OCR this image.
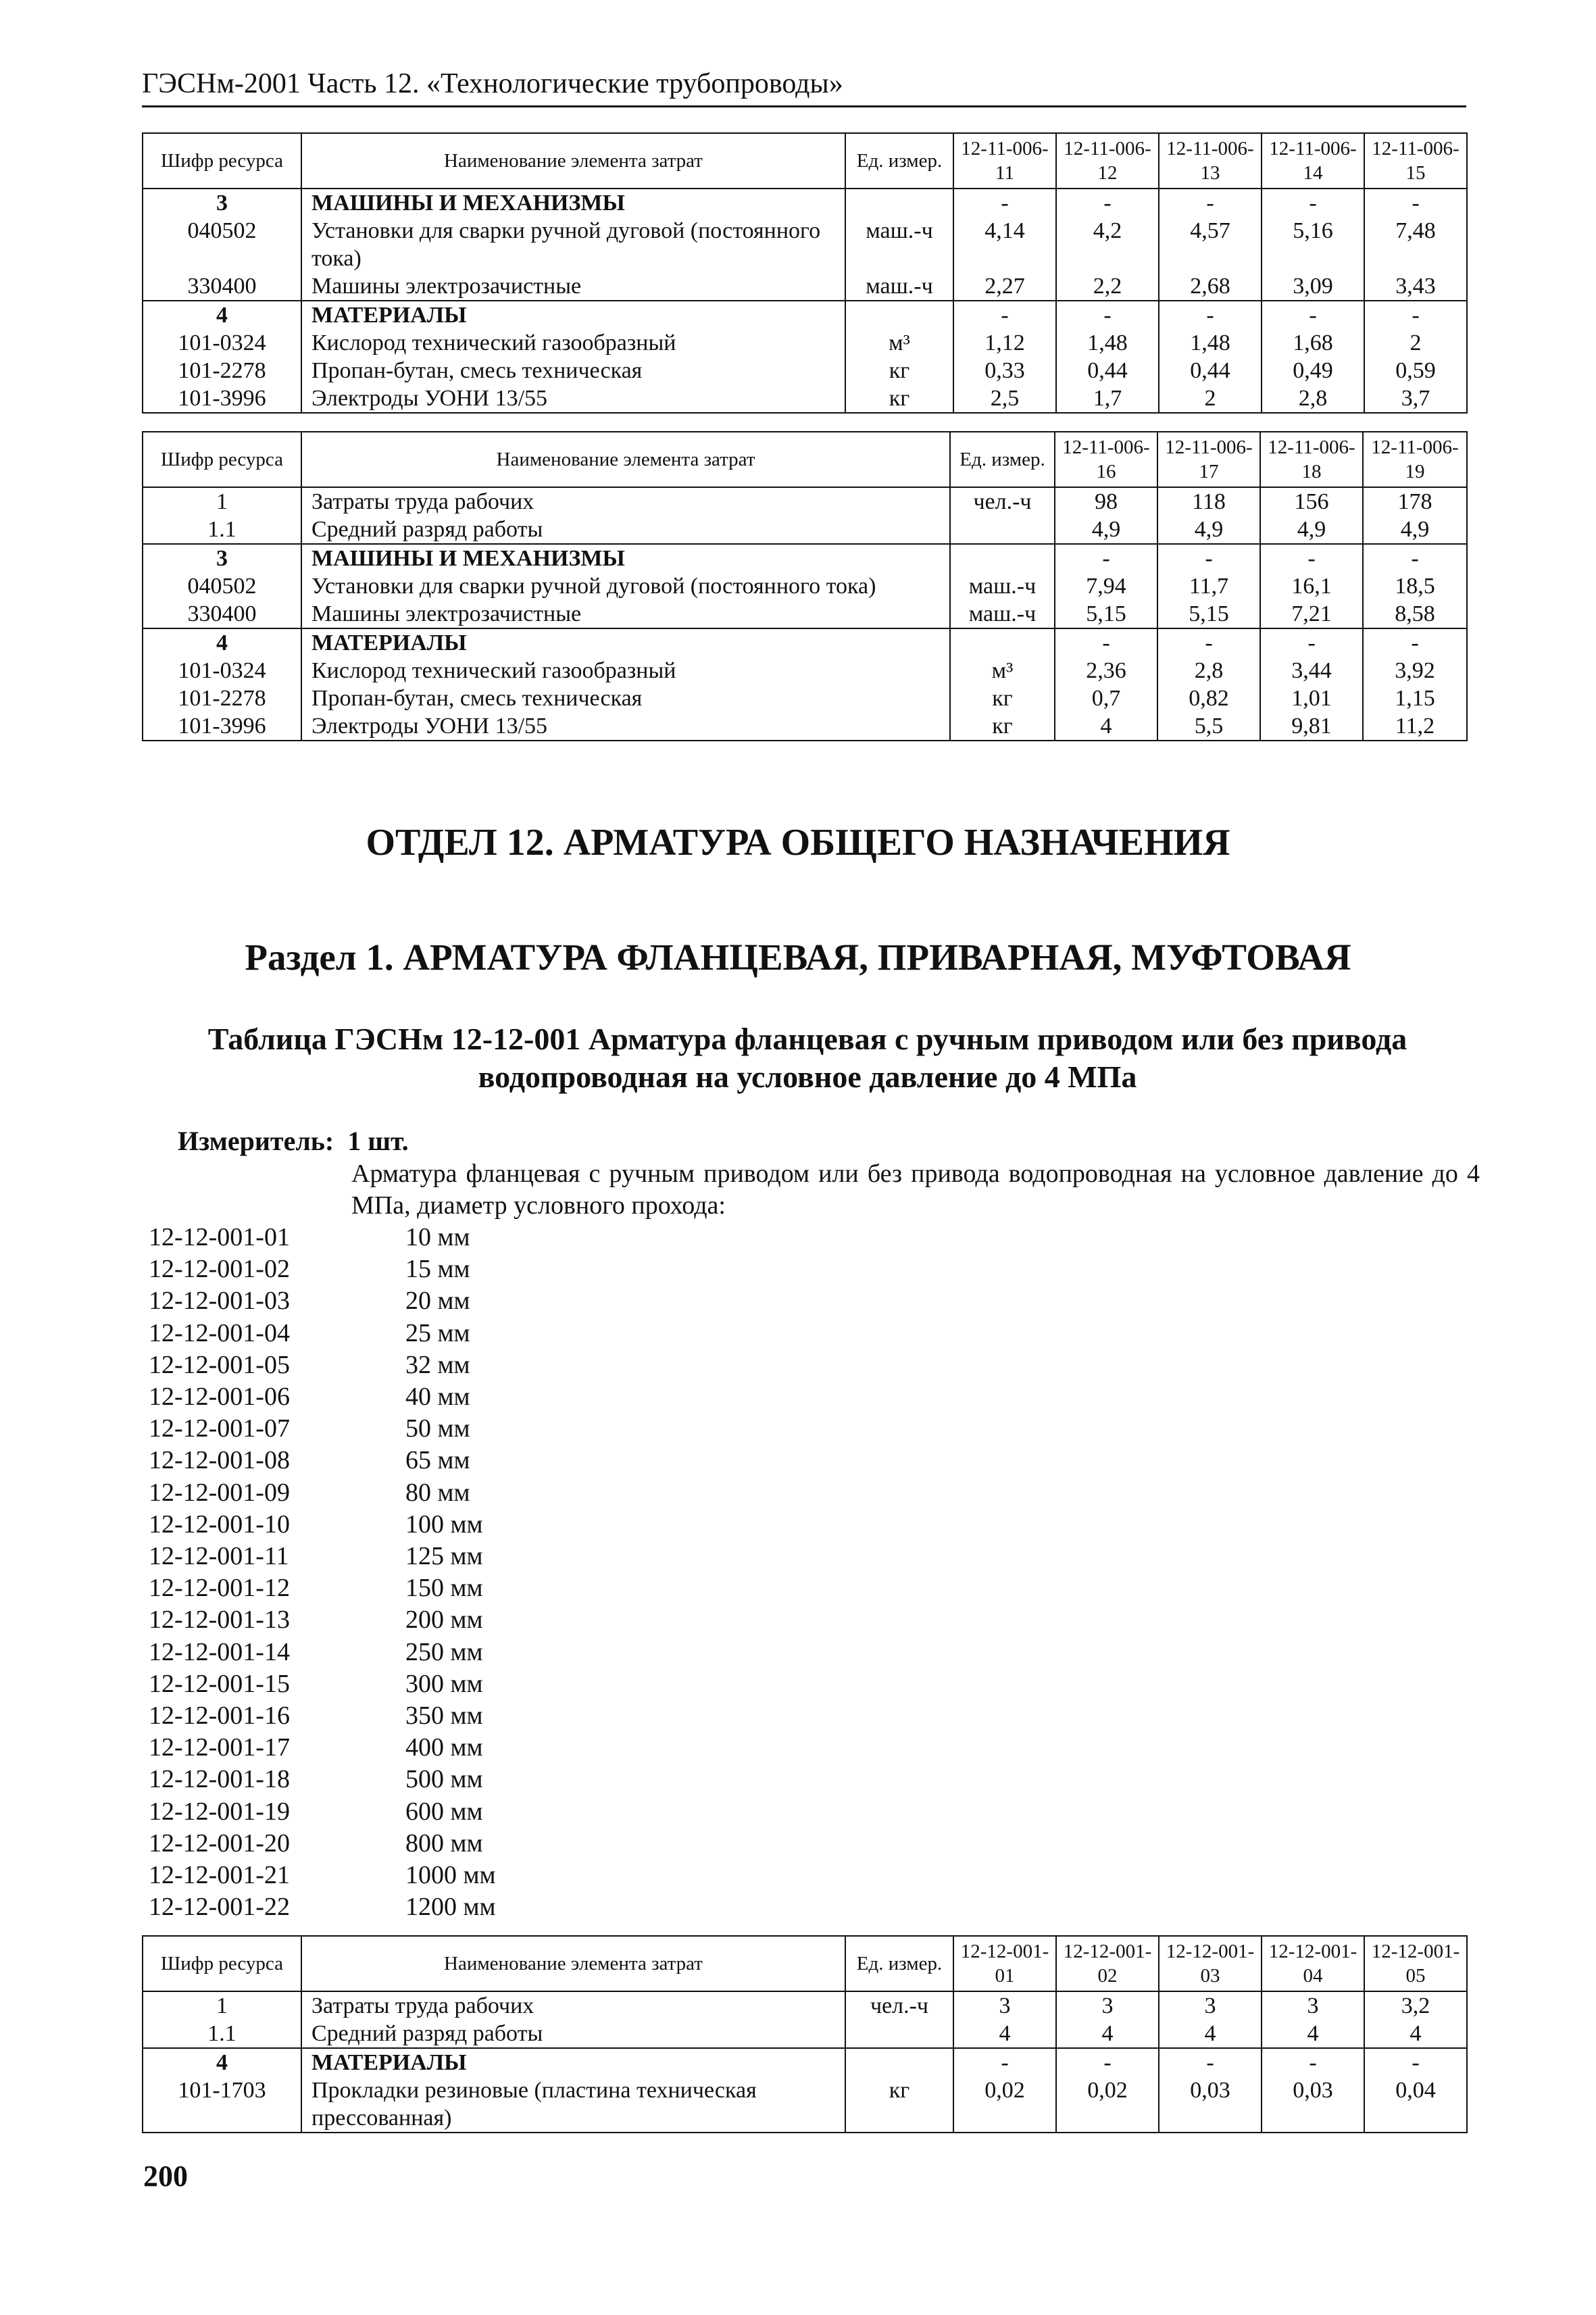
ГЭСНм-2001 Часть 12. «Технологические трубопроводы»
Шифр ресурса	Наименование элемента затрат	Ед. измер.	12-11-006-11	12-11-006-12	12-11-006-13	12-11-006-14	12-11-006-15
3	МАШИНЫ И МЕХАНИЗМЫ		-	-	-	-	-
040502	Установки для сварки ручной дуговой (постоянного тока)	маш.-ч	4,14	4,2	4,57	5,16	7,48
330400	Машины электрозачистные	маш.-ч	2,27	2,2	2,68	3,09	3,43
4	МАТЕРИАЛЫ		-	-	-	-	-
101-0324	Кислород технический газообразный	м³	1,12	1,48	1,48	1,68	2
101-2278	Пропан-бутан, смесь техническая	кг	0,33	0,44	0,44	0,49	0,59
101-3996	Электроды УОНИ 13/55	кг	2,5	1,7	2	2,8	3,7
Шифр ресурса	Наименование элемента затрат	Ед. измер.	12-11-006-16	12-11-006-17	12-11-006-18	12-11-006-19
1	Затраты труда рабочих	чел.-ч	98	118	156	178
1.1	Средний разряд работы		4,9	4,9	4,9	4,9
3	МАШИНЫ И МЕХАНИЗМЫ		-	-	-	-
040502	Установки для сварки ручной дуговой (постоянного тока)	маш.-ч	7,94	11,7	16,1	18,5
330400	Машины электрозачистные	маш.-ч	5,15	5,15	7,21	8,58
4	МАТЕРИАЛЫ		-	-	-	-
101-0324	Кислород технический газообразный	м³	2,36	2,8	3,44	3,92
101-2278	Пропан-бутан, смесь техническая	кг	0,7	0,82	1,01	1,15
101-3996	Электроды УОНИ 13/55	кг	4	5,5	9,81	11,2
ОТДЕЛ 12. АРМАТУРА ОБЩЕГО НАЗНАЧЕНИЯ
Раздел 1. АРМАТУРА ФЛАНЦЕВАЯ, ПРИВАРНАЯ, МУФТОВАЯ
Таблица ГЭСНм 12-12-001 Арматура фланцевая с ручным приводом или без привода
водопроводная на условное давление до 4 МПа
Измеритель: 1 шт.
Арматура фланцевая с ручным приводом или без привода водопроводная на условное давление до 4 МПа, диаметр условного прохода:
12-12-001-01	10 мм
12-12-001-02	15 мм
12-12-001-03	20 мм
12-12-001-04	25 мм
12-12-001-05	32 мм
12-12-001-06	40 мм
12-12-001-07	50 мм
12-12-001-08	65 мм
12-12-001-09	80 мм
12-12-001-10	100 мм
12-12-001-11	125 мм
12-12-001-12	150 мм
12-12-001-13	200 мм
12-12-001-14	250 мм
12-12-001-15	300 мм
12-12-001-16	350 мм
12-12-001-17	400 мм
12-12-001-18	500 мм
12-12-001-19	600 мм
12-12-001-20	800 мм
12-12-001-21	1000 мм
12-12-001-22	1200 мм
Шифр ресурса	Наименование элемента затрат	Ед. измер.	12-12-001-01	12-12-001-02	12-12-001-03	12-12-001-04	12-12-001-05
1	Затраты труда рабочих	чел.-ч	3	3	3	3	3,2
1.1	Средний разряд работы		4	4	4	4	4
4	МАТЕРИАЛЫ		-	-	-	-	-
101-1703	Прокладки резиновые (пластина техническая прессованная)	кг	0,02	0,02	0,03	0,03	0,04
200
